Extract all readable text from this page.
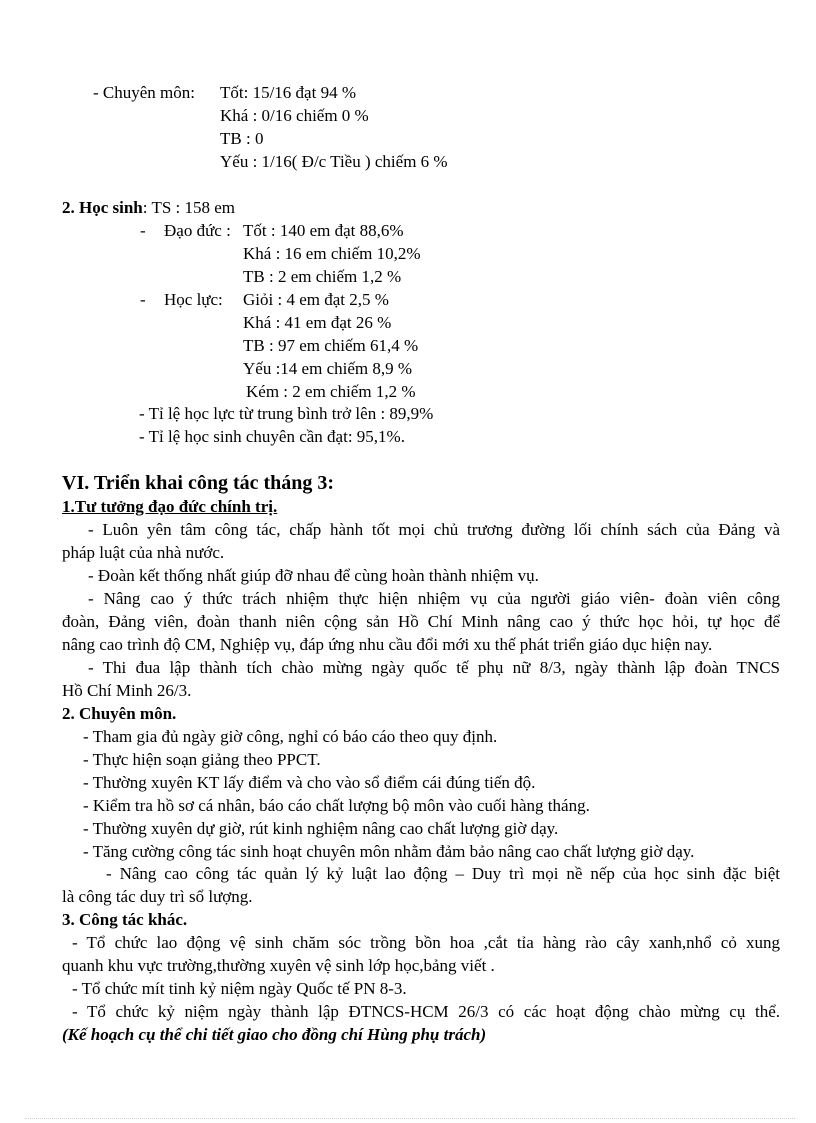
- Chuyên môn: Tốt: 15/16 đạt 94 %
Khá : 0/16 chiếm 0 %
TB : 0
Yếu : 1/16( Đ/c Tiều ) chiếm 6 %
2. Học sinh: TS : 158 em
- Đạo đức : Tốt : 140 em đạt 88,6%
Khá : 16 em chiếm 10,2%
TB : 2 em chiếm 1,2 %
- Học lực: Giỏi : 4 em đạt 2,5 %
Khá : 41 em đạt 26 %
TB : 97 em chiếm 61,4 %
Yếu :14 em chiếm 8,9 %
Kém : 2 em chiếm 1,2 %
- Tỉ lệ học lực từ trung bình trở lên : 89,9%
- Tỉ lệ học sinh chuyên cần đạt: 95,1%.
VI. Triển khai công tác tháng 3:
1.Tư tưởng đạo đức chính trị.
- Luôn yên tâm công tác, chấp hành tốt mọi chủ trương đường lối chính sách của Đảng và
pháp luật của nhà nước.
- Đoàn kết thống nhất giúp đỡ nhau để cùng hoàn thành nhiệm vụ.
- Nâng cao ý thức trách nhiệm thực hiện nhiệm vụ của người giáo viên- đoàn viên công
đoàn, Đảng viên, đoàn thanh niên cộng sản Hồ Chí Minh nâng cao ý thức học hỏi, tự học để
nâng cao trình độ CM, Nghiệp vụ, đáp ứng nhu cầu đổi mới xu thế phát triển giáo dục hiện nay.
- Thi đua lập thành tích chào mừng ngày quốc tế phụ nữ 8/3, ngày thành lập đoàn TNCS
Hồ Chí Minh 26/3.
2. Chuyên môn.
- Tham gia đủ ngày giờ công, nghỉ có báo cáo theo quy định.
- Thực hiện soạn giảng theo PPCT.
- Thường xuyên KT lấy điểm và cho vào sổ điểm cái đúng tiến độ.
- Kiểm tra hồ sơ cá nhân, báo cáo chất lượng bộ môn vào cuối hàng tháng.
- Thường xuyên dự giờ, rút kinh nghiệm nâng cao chất lượng giờ dạy.
- Tăng cường công tác sinh hoạt chuyên môn nhằm đảm bảo nâng cao chất lượng giờ dạy.
- Nâng cao công tác quản lý kỷ luật lao động – Duy trì mọi nề nếp của học sinh đặc biệt
là công tác duy trì sổ lượng.
3. Công tác khác.
- Tổ chức lao động vệ sinh chăm sóc trồng bồn hoa ,cắt tỉa hàng rào cây xanh,nhổ cỏ xung
quanh khu vực trường,thường xuyên vệ sinh lớp học,bảng viết .
- Tổ chức mít tinh kỷ niệm ngày Quốc tế PN 8-3.
- Tổ chức kỷ niệm ngày thành lập ĐTNCS-HCM 26/3 có các hoạt động chào mừng cụ thể.
(Kế hoạch cụ thể chi tiết giao cho đồng chí Hùng phụ trách)
